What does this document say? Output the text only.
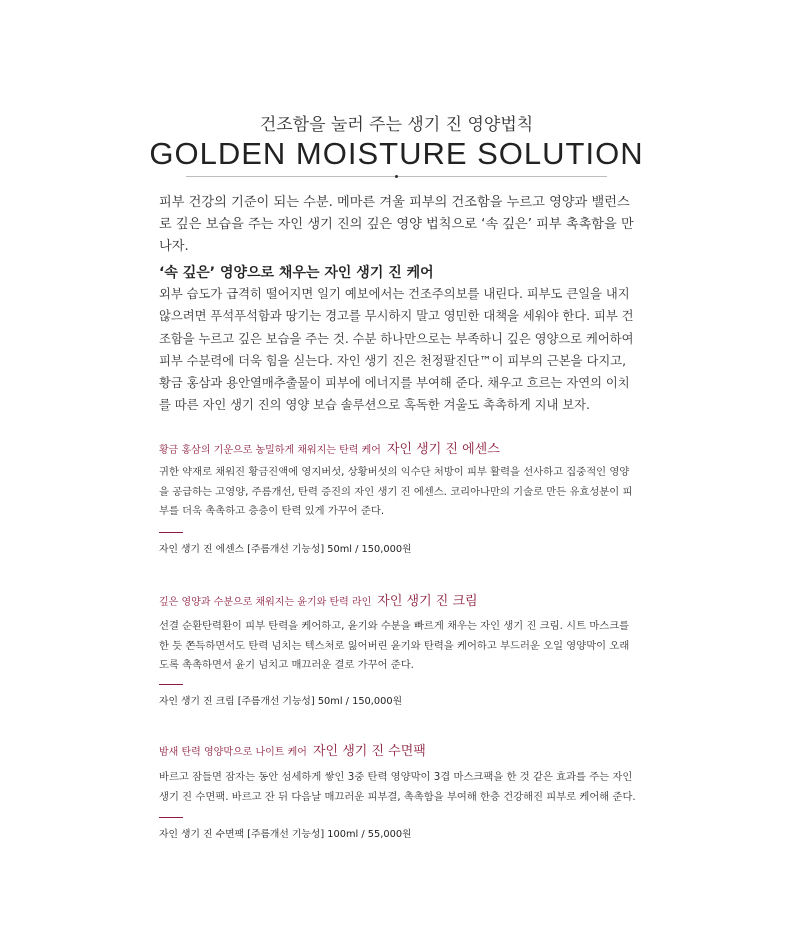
건조함을 눌러 주는 생기 진 영양법칙
GOLDEN MOISTURE SOLUTION

피부 건강의 기준이 되는 수분. 메마른 겨울 피부의 건조함을 누르고 영양과 밸런스로 깊은 보습을 주는 자인 생기 진의 깊은 영양 법칙으로 ‘속 깊은’ 피부 촉촉함을 만나자.

‘속 깊은’ 영양으로 채우는 자인 생기 진 케어

외부 습도가 급격히 떨어지면 일기 예보에서는 건조주의보를 내린다. 피부도 큰일을 내지 않으려면 푸석푸석함과 땅기는 경고를 무시하지 말고 영민한 대책을 세워야 한다. 피부 건조함을 누르고 깊은 보습을 주는 것. 수분 하나만으로는 부족하니 깊은 영양으로 케어하여 피부 수분력에 더욱 힘을 싣는다. 자인 생기 진은 천정팔진단™이 피부의 근본을 다지고, 황금 홍삼과 용안열매추출물이 피부에 에너지를 부여해 준다. 채우고 흐르는 자연의 이치를 따른 자인 생기 진의 영양 보습 솔루션으로 혹독한 겨울도 촉촉하게 지내 보자.

황금 홍삼의 기운으로 농밀하게 채워지는 탄력 케어 자인 생기 진 에센스

귀한 약재로 채워진 황금진액에 영지버섯, 상황버섯의 익수단 처방이 피부 활력을 선사하고 집중적인 영양을 공급하는 고영양, 주름개선, 탄력 증진의 자인 생기 진 에센스. 코리아나만의 기술로 만든 유효성분이 피부를 더욱 촉촉하고 층층이 탄력 있게 가꾸어 준다.

자인 생기 진 에센스 [주름개선 기능성] 50ml / 150,000원

깊은 영양과 수분으로 채워지는 윤기와 탄력 라인 자인 생기 진 크림

선결 순환탄력환이 피부 탄력을 케어하고, 윤기와 수분을 빠르게 채우는 자인 생기 진 크림. 시트 마스크를 한 듯 쫀득하면서도 탄력 넘치는 텍스처로 잃어버린 윤기와 탄력을 케어하고 부드러운 오일 영양막이 오래도록 촉촉하면서 윤기 넘치고 매끄러운 결로 가꾸어 준다.

자인 생기 진 크림 [주름개선 기능성] 50ml / 150,000원

밤새 탄력 영양막으로 나이트 케어 자인 생기 진 수면팩

바르고 잠들면 잠자는 동안 섬세하게 쌓인 3중 탄력 영양막이 3겹 마스크팩을 한 것 같은 효과를 주는 자인 생기 진 수면팩. 바르고 잔 뒤 다음날 매끄러운 피부결, 촉촉함을 부여해 한층 건강해진 피부로 케어해 준다.

자인 생기 진 수면팩 [주름개선 기능성] 100ml / 55,000원
